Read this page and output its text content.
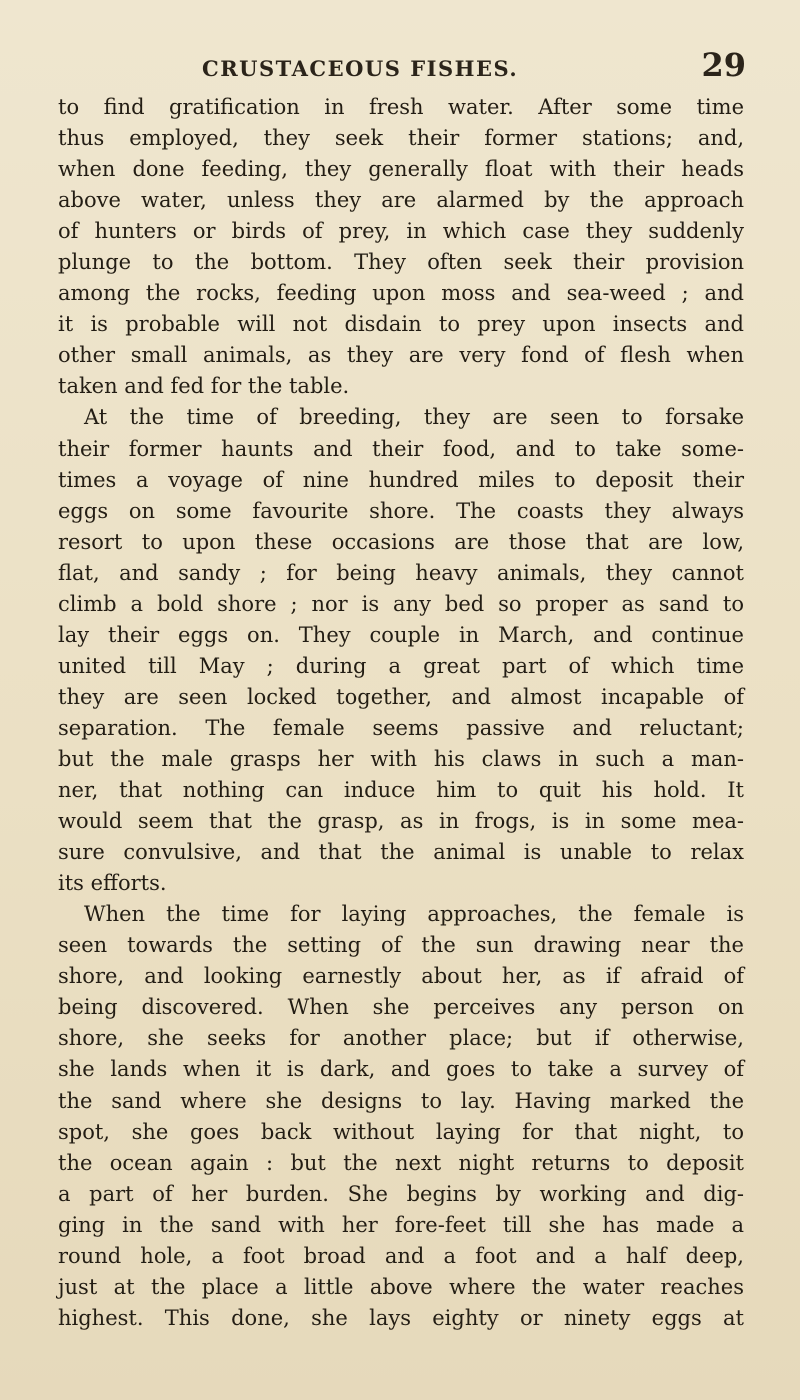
CRUSTACEOUS FISHES.	29
to find gratification in fresh water. After some time
thus employed, they seek their former stations; and,
when done feeding, they generally float with their heads
above water, unless they are alarmed by the approach
of hunters or birds of prey, in which case they suddenly
plunge to the bottom. They often seek their provision
among the rocks, feeding upon moss and sea-weed ; and
it is probable will not disdain to prey upon insects and
other small animals, as they are very fond of flesh when
taken and fed for the table.
At the time of breeding, they are seen to forsake
their former haunts and their food, and to take some-
times a voyage of nine hundred miles to deposit their
eggs on some favourite shore. The coasts they always
resort to upon these occasions are those that are low,
flat, and sandy ; for being heavy animals, they cannot
climb a bold shore ; nor is any bed so proper as sand to
lay their eggs on. They couple in March, and continue
united till May ; during a great part of which time
they are seen locked together, and almost incapable of
separation. The female seems passive and reluctant;
but the male grasps her with his claws in such a man-
ner, that nothing can induce him to quit his hold. It
would seem that the grasp, as in frogs, is in some mea-
sure convulsive, and that the animal is unable to relax
its efforts.
When the time for laying approaches, the female is
seen towards the setting of the sun drawing near the
shore, and looking earnestly about her, as if afraid of
being discovered. When she perceives any person on
shore, she seeks for another place; but if otherwise,
she lands when it is dark, and goes to take a survey of
the sand where she designs to lay. Having marked the
spot, she goes back without laying for that night, to
the ocean again : but the next night returns to deposit
a part of her burden. She begins by working and dig-
ging in the sand with her fore-feet till she has made a
round hole, a foot broad and a foot and a half deep,
just at the place a little above where the water reaches
highest. This done, she lays eighty or ninety eggs at
